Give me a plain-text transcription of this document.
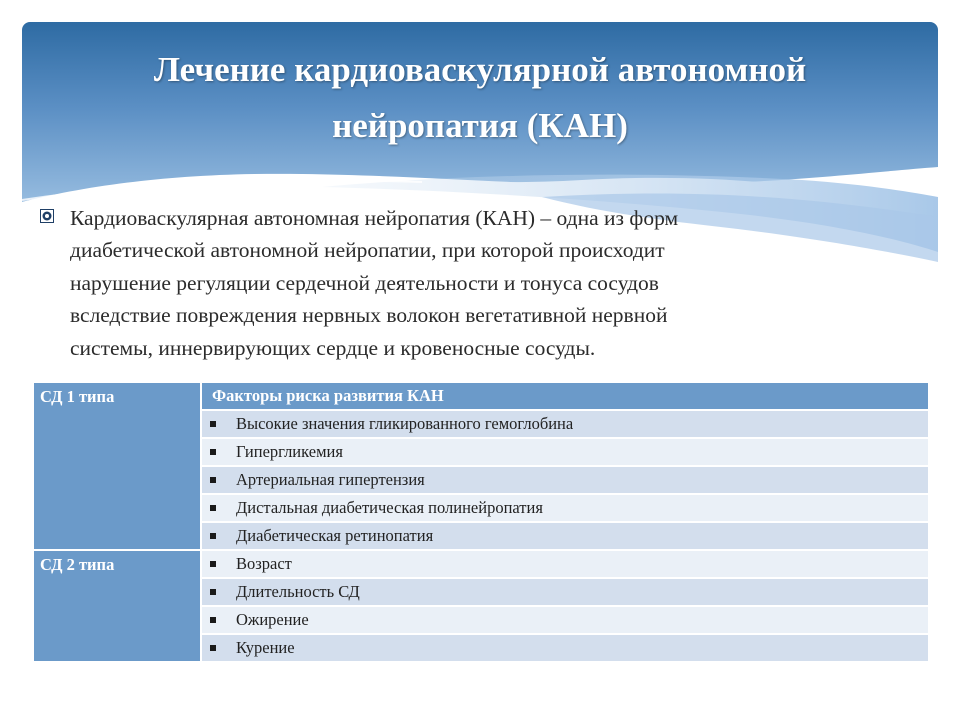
Лечение кардиоваскулярной автономной
нейропатия (КАН)
Кардиоваскулярная автономная нейропатия (КАН) – одна из форм
диабетической автономной нейропатии, при которой происходит
нарушение регуляции сердечной деятельности и тонуса сосудов
вследствие повреждения нервных волокон вегетативной нервной
системы, иннервирующих сердце и кровеносные сосуды.
СД 1 типа	Факторы риска развития КАН

	Высокие значения гликированного гемоглобина

	Гипергликемия

	Артериальная гипертензия

	Дистальная диабетическая полинейропатия

	Диабетическая ретинопатия

СД 2 типа	Возраст

	Длительность СД

	Ожирение

	Курение
